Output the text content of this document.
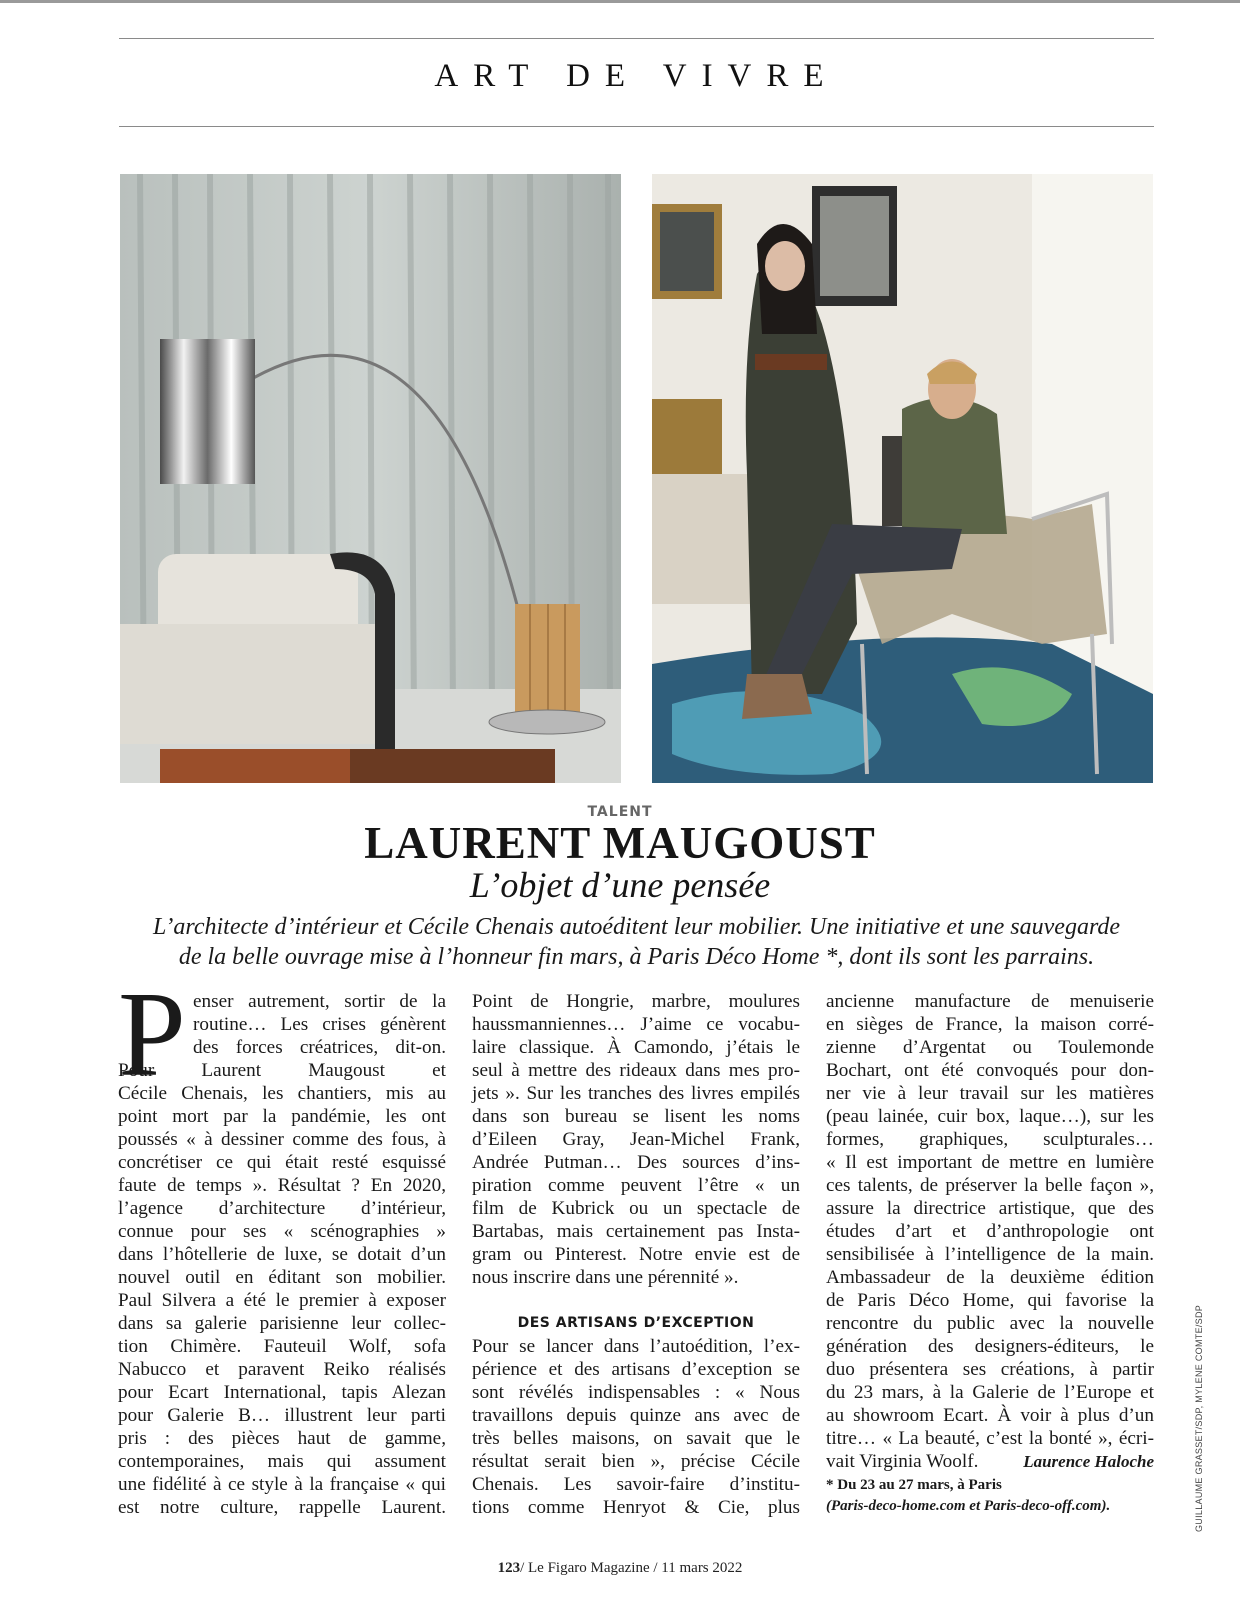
ART DE VIVRE
TALENT
LAURENT MAUGOUST
L’objet d’une pensée
L’architecte d’intérieur et Cécile Chenais autoéditent leur mobilier. Une initiative et une sauvegarde
de la belle ouvrage mise à l’honneur fin mars, à Paris Déco Home *, dont ils sont les parrains.
P enser autrement, sortir de la
routine… Les crises génèrent
des forces créatrices, dit-on.
Pour Laurent Maugoust et
Cécile Chenais, les chantiers, mis au
point mort par la pandémie, les ont
poussés « à dessiner comme des fous, à
concrétiser ce qui était resté esquissé
faute de temps ». Résultat ? En 2020,
l’agence d’architecture d’intérieur,
connue pour ses « scénographies »
dans l’hôtellerie de luxe, se dotait d’un
nouvel outil en éditant son mobilier.
Paul Silvera a été le premier à exposer
dans sa galerie parisienne leur collec-
tion Chimère. Fauteuil Wolf, sofa
Nabucco et paravent Reiko réalisés
pour Ecart International, tapis Alezan
pour Galerie B… illustrent leur parti
pris : des pièces haut de gamme,
contemporaines, mais qui assument
une fidélité à ce style à la française « qui
est notre culture, rappelle Laurent.
Point de Hongrie, marbre, moulures
haussmanniennes… J’aime ce vocabu-
laire classique. À Camondo, j’étais le
seul à mettre des rideaux dans mes pro-
jets ». Sur les tranches des livres empilés
dans son bureau se lisent les noms
d’Eileen Gray, Jean-Michel Frank,
Andrée Putman… Des sources d’ins-
piration comme peuvent l’être « un
film de Kubrick ou un spectacle de
Bartabas, mais certainement pas Insta-
gram ou Pinterest. Notre envie est de
nous inscrire dans une pérennité ».
DES ARTISANS D’EXCEPTION
Pour se lancer dans l’autoédition, l’ex-
périence et des artisans d’exception se
sont révélés indispensables : « Nous
travaillons depuis quinze ans avec de
très belles maisons, on savait que le
résultat serait bien », précise Cécile
Chenais. Les savoir-faire d’institu-
tions comme Henryot & Cie, plus
ancienne manufacture de menuiserie
en sièges de France, la maison corré-
zienne d’Argentat ou Toulemonde
Bochart, ont été convoqués pour don-
ner vie à leur travail sur les matières
(peau lainée, cuir box, laque…), sur les
formes, graphiques, sculpturales…
« Il est important de mettre en lumière
ces talents, de préserver la belle façon »,
assure la directrice artistique, que des
études d’art et d’anthropologie ont
sensibilisée à l’intelligence de la main.
Ambassadeur de la deuxième édition
de Paris Déco Home, qui favorise la
rencontre du public avec la nouvelle
génération des designers-éditeurs, le
duo présentera ses créations, à partir
du 23 mars, à la Galerie de l’Europe et
au showroom Ecart. À voir à plus d’un
titre… « La beauté, c’est la bonté », écri-
vait Virginia Woolf.	Laurence Haloche
* Du 23 au 27 mars, à Paris
(Paris-deco-home.com et Paris-deco-off.com).	GUILLAUME GRASSET/SDP, MYLENE COMTE/SDP
123/ Le Figaro Magazine / 11 mars 2022
